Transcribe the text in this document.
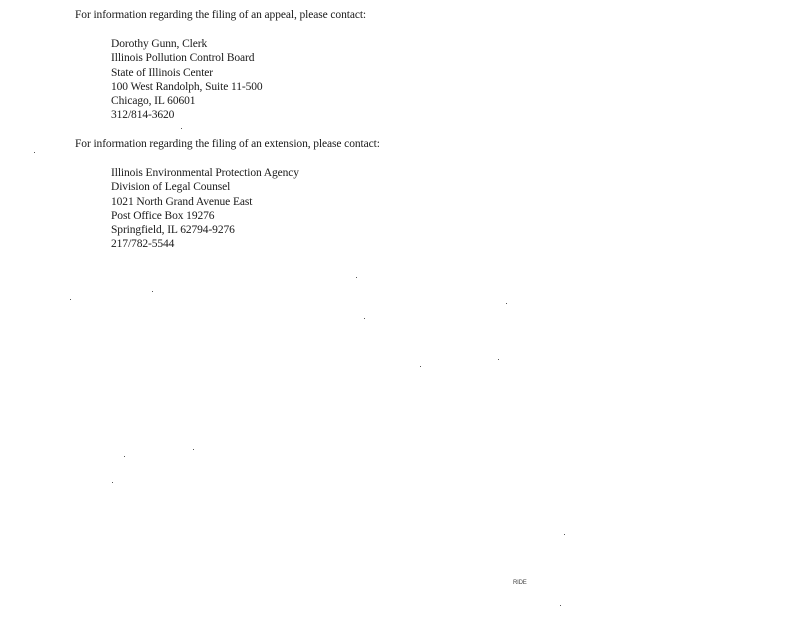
For information regarding the filing of an appeal, please contact:
Dorothy Gunn, Clerk
Illinois Pollution Control Board
State of Illinois Center
100 West Randolph, Suite 11-500
Chicago, IL 60601
312/814-3620
For information regarding the filing of an extension, please contact:
Illinois Environmental Protection Agency
Division of Legal Counsel
1021 North Grand Avenue East
Post Office Box 19276
Springfield, IL 62794-9276
217/782-5544
RIDE
